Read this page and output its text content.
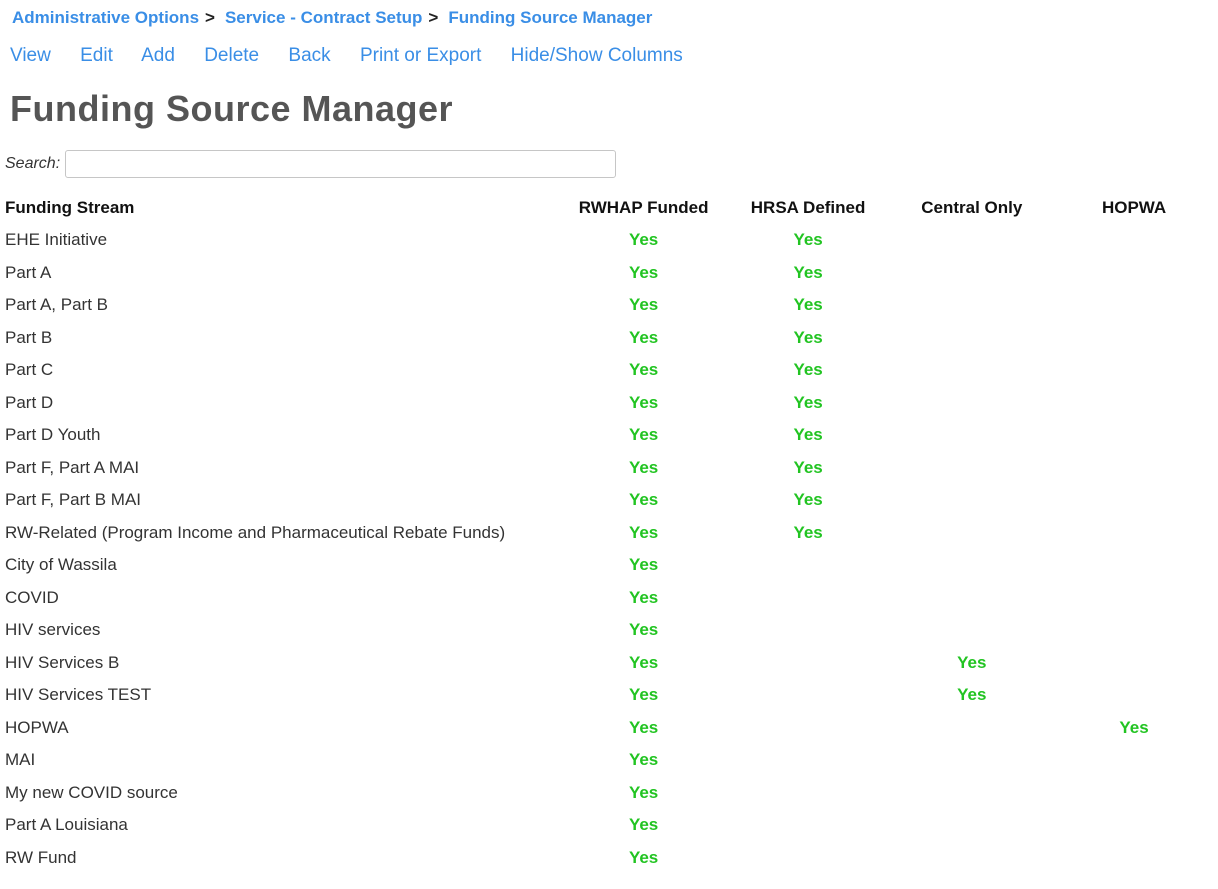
Administrative Options > Service - Contract Setup > Funding Source Manager
View Edit Add Delete Back Print or Export Hide/Show Columns
Funding Source Manager
Search:
Funding Stream	RWHAP Funded	HRSA Defined	Central Only	HOPWA
EHE Initiative	Yes	Yes		
Part A	Yes	Yes		
Part A, Part B	Yes	Yes		
Part B	Yes	Yes		
Part C	Yes	Yes		
Part D	Yes	Yes		
Part D Youth	Yes	Yes		
Part F, Part A MAI	Yes	Yes		
Part F, Part B MAI	Yes	Yes		
RW-Related (Program Income and Pharmaceutical Rebate Funds)	Yes	Yes		
City of Wassila	Yes			
COVID	Yes			
HIV services	Yes			
HIV Services B	Yes		Yes	
HIV Services TEST	Yes		Yes	
HOPWA	Yes			Yes
MAI	Yes			
My new COVID source	Yes			
Part A Louisiana	Yes			
RW Fund	Yes			
